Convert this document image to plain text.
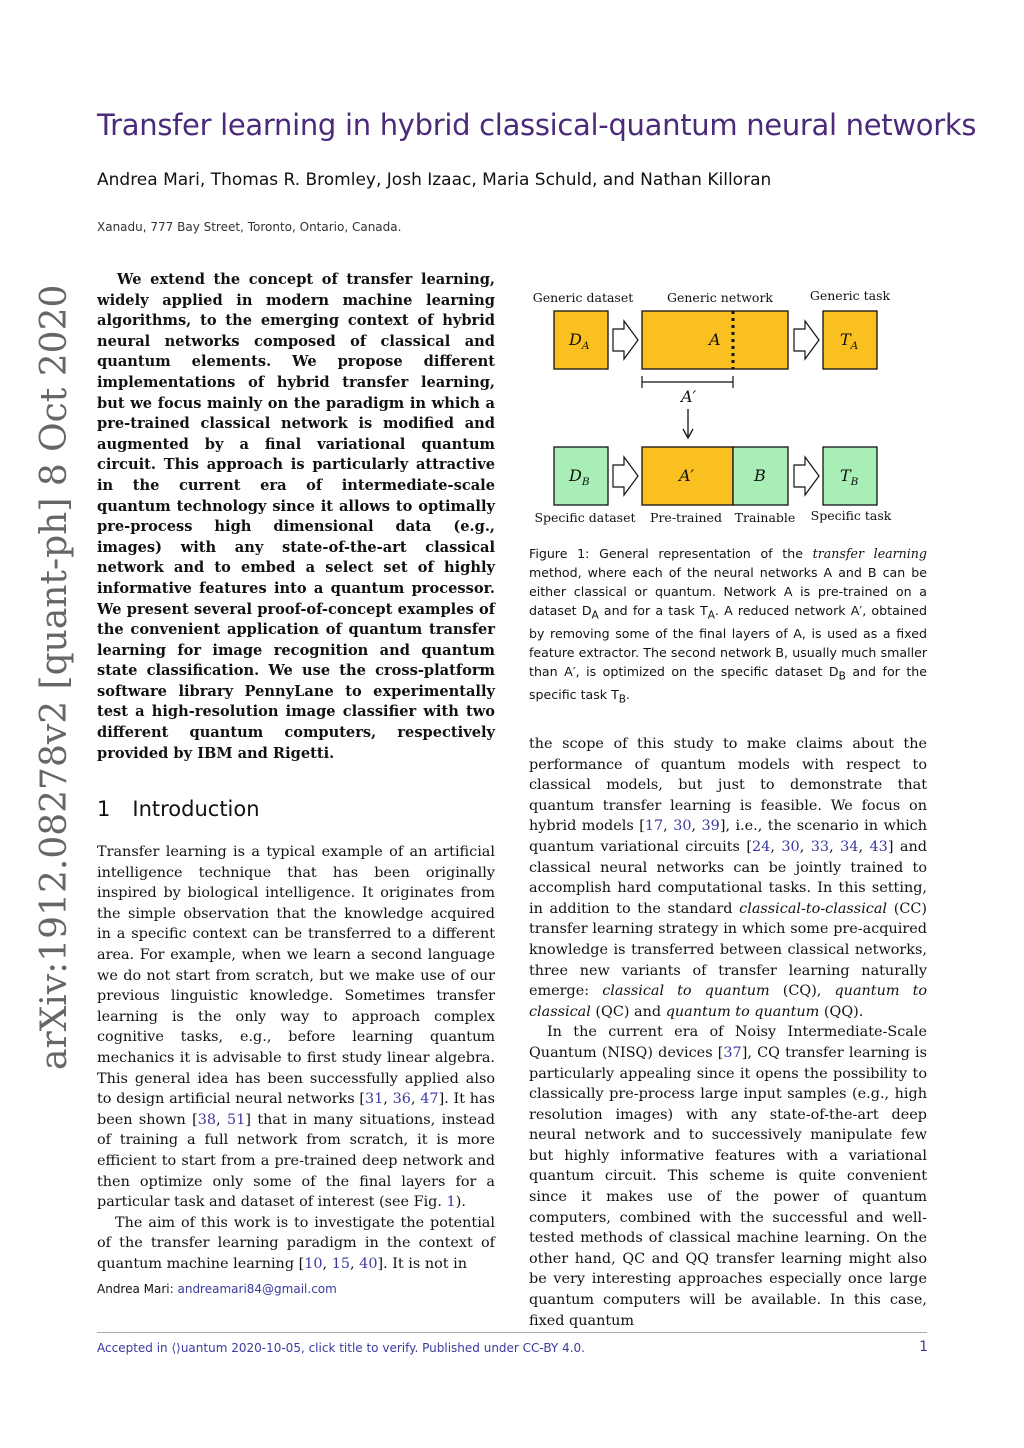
Transfer learning in hybrid classical-quantum neural networks
Andrea Mari, Thomas R. Bromley, Josh Izaac, Maria Schuld, and Nathan Killoran
Xanadu, 777 Bay Street, Toronto, Ontario, Canada.
arXiv:1912.08278v2 [quant-ph] 8 Oct 2020

We extend the concept of transfer learning, widely applied in modern machine learning algorithms, to the emerging context of hybrid neural networks composed of classical and quantum elements. We propose different implementations of hybrid transfer learning, but we focus mainly on the paradigm in which a pre-trained classical network is modified and augmented by a final variational quantum circuit. This approach is particularly attractive in the current era of intermediate-scale quantum technology since it allows to optimally pre-process high dimensional data (e.g., images) with any state-of-the-art classical network and to embed a select set of highly informative features into a quantum processor. We present several proof-of-concept examples of the convenient application of quantum transfer learning for image recognition and quantum state classification. We use the cross-platform software library PennyLane to experimentally test a high-resolution image classifier with two different quantum computers, respectively provided by IBM and Rigetti.

1 Introduction

Transfer learning is a typical example of an artificial intelligence technique that has been originally inspired by biological intelligence. It originates from the simple observation that the knowledge acquired in a specific context can be transferred to a different area. For example, when we learn a second language we do not start from scratch, but we make use of our previous linguistic knowledge. Sometimes transfer learning is the only way to approach complex cognitive tasks, e.g., before learning quantum mechanics it is advisable to first study linear algebra. This general idea has been successfully applied also to design artificial neural networks [31, 36, 47]. It has been shown [38, 51] that in many situations, instead of training a full network from scratch, it is more efficient to start from a pre-trained deep network and then optimize only some of the final layers for a particular task and dataset of interest (see Fig. 1).

The aim of this work is to investigate the potential of the transfer learning paradigm in the context of quantum machine learning [10, 15, 40]. It is not in

Andrea Mari: andreamari84@gmail.com
Generic dataset	Generic network	Generic task
$D_A$	A	$T_A$
A′
$D_B$	A′	B	$T_B$
Specific dataset Pre-trained Trainable Specific task
Figure 1: General representation of the transfer learning method, where each of the neural networks A and B can be either classical or quantum. Network A is pre-trained on a dataset $D_A$ and for a task $T_A$. A reduced network A′, obtained by removing some of the final layers of A, is used as a fixed feature extractor. The second network B, usually much smaller than A′, is optimized on the specific dataset $D_B$ and for the specific task $T_B$.

the scope of this study to make claims about the performance of quantum models with respect to classical models, but just to demonstrate that quantum transfer learning is feasible. We focus on hybrid models [17, 30, 39], i.e., the scenario in which quantum variational circuits [24, 30, 33, 34, 43] and classical neural networks can be jointly trained to accomplish hard computational tasks. In this setting, in addition to the standard classical-to-classical (CC) transfer learning strategy in which some pre-acquired knowledge is transferred between classical networks, three new variants of transfer learning naturally emerge: classical to quantum (CQ), quantum to classical (QC) and quantum to quantum (QQ).

In the current era of Noisy Intermediate-Scale Quantum (NISQ) devices [37], CQ transfer learning is particularly appealing since it opens the possibility to classically pre-process large input samples (e.g., high resolution images) with any state-of-the-art deep neural network and to successively manipulate few but highly informative features with a variational quantum circuit. This scheme is quite convenient since it makes use of the power of quantum computers, combined with the successful and well-tested methods of classical machine learning. On the other hand, QC and QQ transfer learning might also be very interesting approaches especially once large quantum computers will be available. In this case, fixed quantum

Accepted in ⟨⟩uantum 2020-10-05, click title to verify. Published under CC-BY 4.0.	1
